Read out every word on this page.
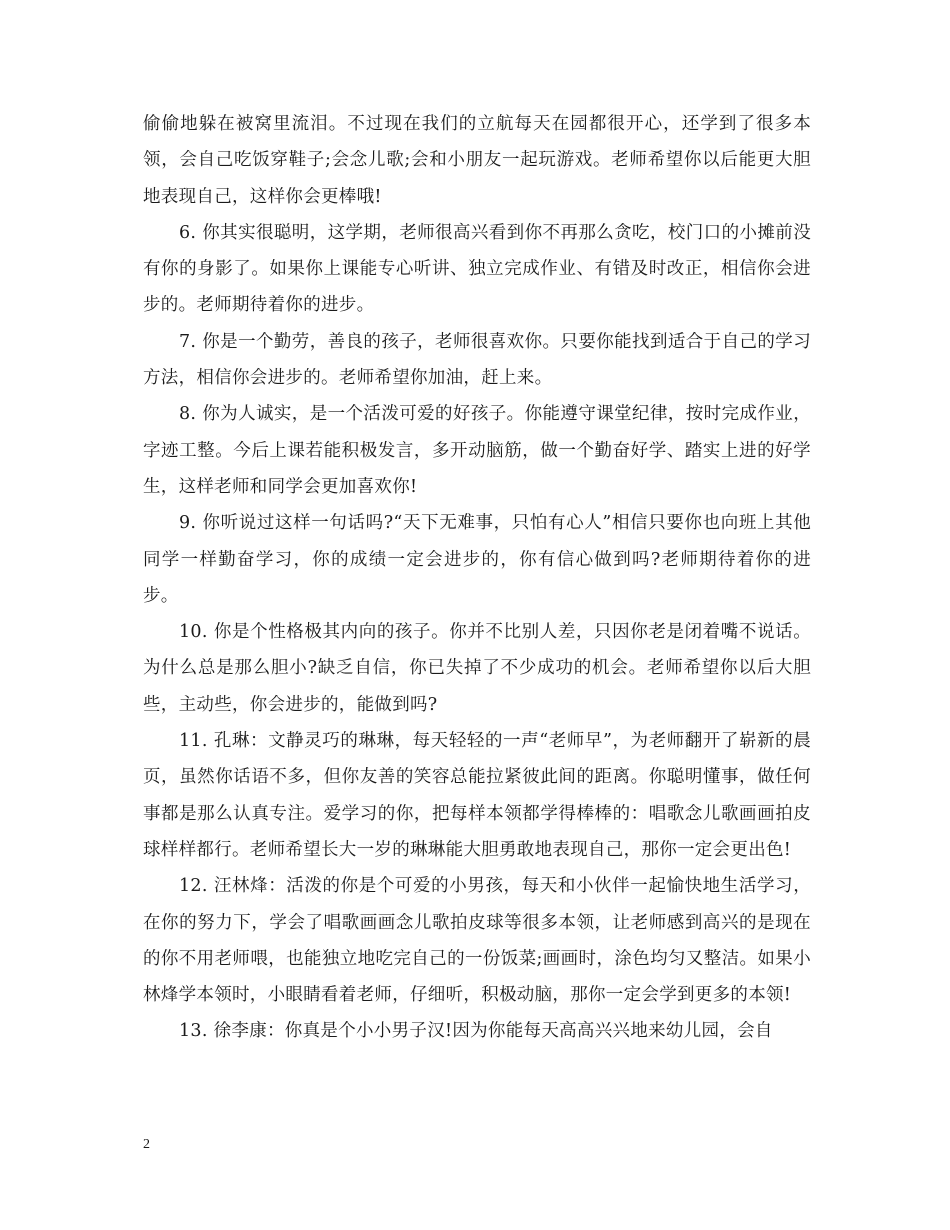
偷偷地躲在被窝里流泪。不过现在我们的立航每天在园都很开心，还学到了很多本领，会自己吃饭穿鞋子;会念儿歌;会和小朋友一起玩游戏。老师希望你以后能更大胆地表现自己，这样你会更棒哦!

6. 你其实很聪明，这学期，老师很高兴看到你不再那么贪吃，校门口的小摊前没有你的身影了。如果你上课能专心听讲、独立完成作业、有错及时改正，相信你会进步的。老师期待着你的进步。

7. 你是一个勤劳，善良的孩子，老师很喜欢你。只要你能找到适合于自己的学习方法，相信你会进步的。老师希望你加油，赶上来。

8. 你为人诚实，是一个活泼可爱的好孩子。你能遵守课堂纪律，按时完成作业，字迹工整。今后上课若能积极发言，多开动脑筋，做一个勤奋好学、踏实上进的好学生，这样老师和同学会更加喜欢你!

9. 你听说过这样一句话吗?“天下无难事，只怕有心人”相信只要你也向班上其他同学一样勤奋学习，你的成绩一定会进步的，你有信心做到吗?老师期待着你的进步。

10. 你是个性格极其内向的孩子。你并不比别人差，只因你老是闭着嘴不说话。为什么总是那么胆小?缺乏自信，你已失掉了不少成功的机会。老师希望你以后大胆些，主动些，你会进步的，能做到吗?

11. 孔琳：文静灵巧的琳琳，每天轻轻的一声“老师早”，为老师翻开了崭新的晨页，虽然你话语不多，但你友善的笑容总能拉紧彼此间的距离。你聪明懂事，做任何事都是那么认真专注。爱学习的你，把每样本领都学得棒棒的：唱歌念儿歌画画拍皮球样样都行。老师希望长大一岁的琳琳能大胆勇敢地表现自己，那你一定会更出色!

12. 汪林烽：活泼的你是个可爱的小男孩，每天和小伙伴一起愉快地生活学习，在你的努力下，学会了唱歌画画念儿歌拍皮球等很多本领，让老师感到高兴的是现在的你不用老师喂，也能独立地吃完自己的一份饭菜;画画时，涂色均匀又整洁。如果小林烽学本领时，小眼睛看着老师，仔细听，积极动脑，那你一定会学到更多的本领!

13. 徐李康：你真是个小小男子汉!因为你能每天高高兴兴地来幼儿园，会自

2
